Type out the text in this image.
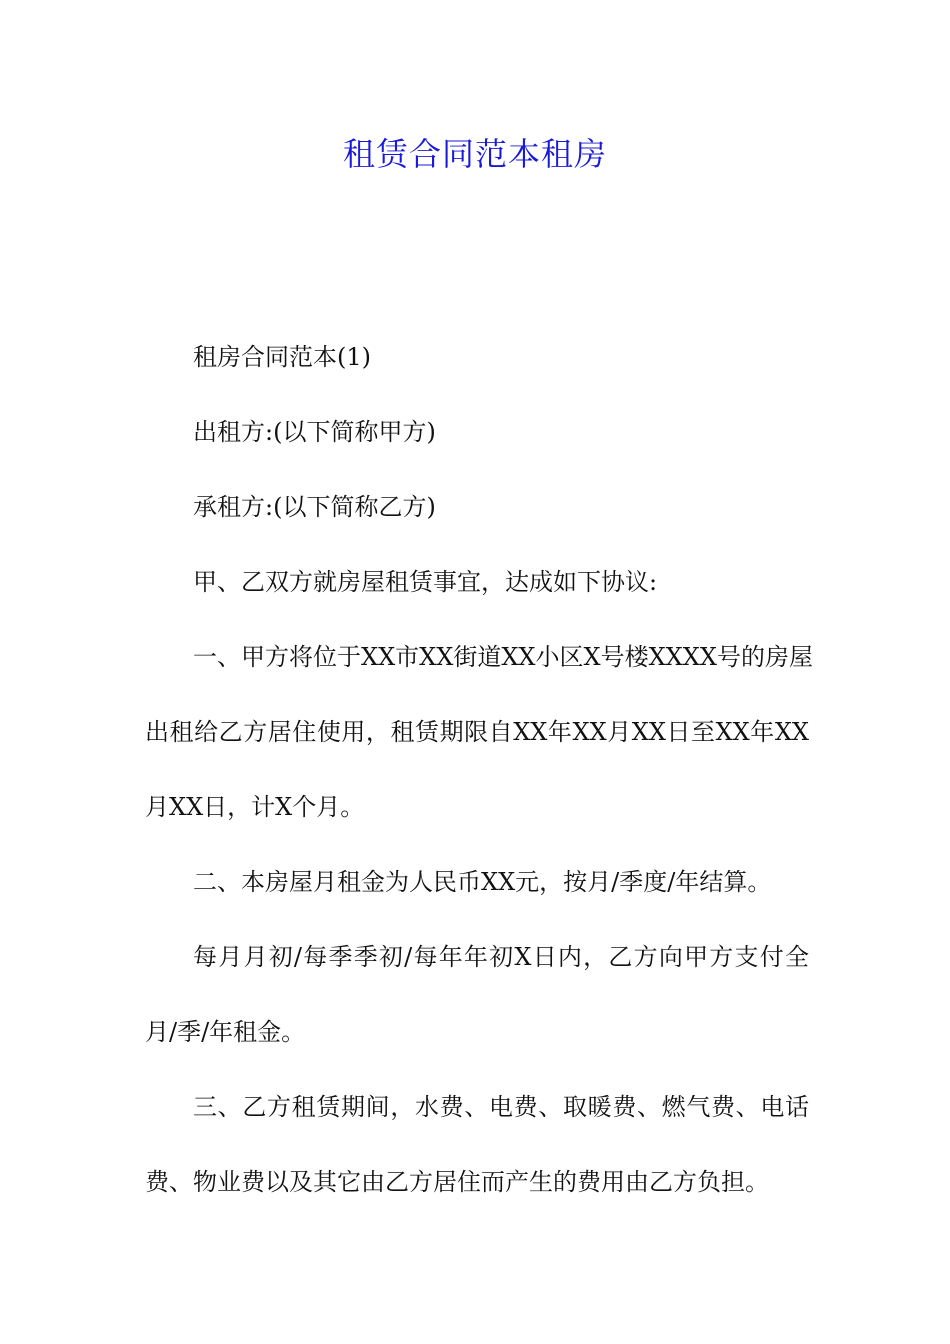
租赁合同范本租房
租房合同范本(1)
出租方:(以下简称甲方)
承租方:(以下简称乙方)
甲、乙双方就房屋租赁事宜，达成如下协议:
一、甲方将位于XX市XX街道XX小区X号楼XXXX号的房屋
出租给乙方居住使用，租赁期限自XX年XX月XX日至XX年XX
月XX日，计X个月。
二、本房屋月租金为人民币XX元，按月/季度/年结算。
每月月初/每季季初/每年年初X日内，乙方向甲方支付全
月/季/年租金。
三、乙方租赁期间，水费、电费、取暖费、燃气费、电话
费、物业费以及其它由乙方居住而产生的费用由乙方负担。
